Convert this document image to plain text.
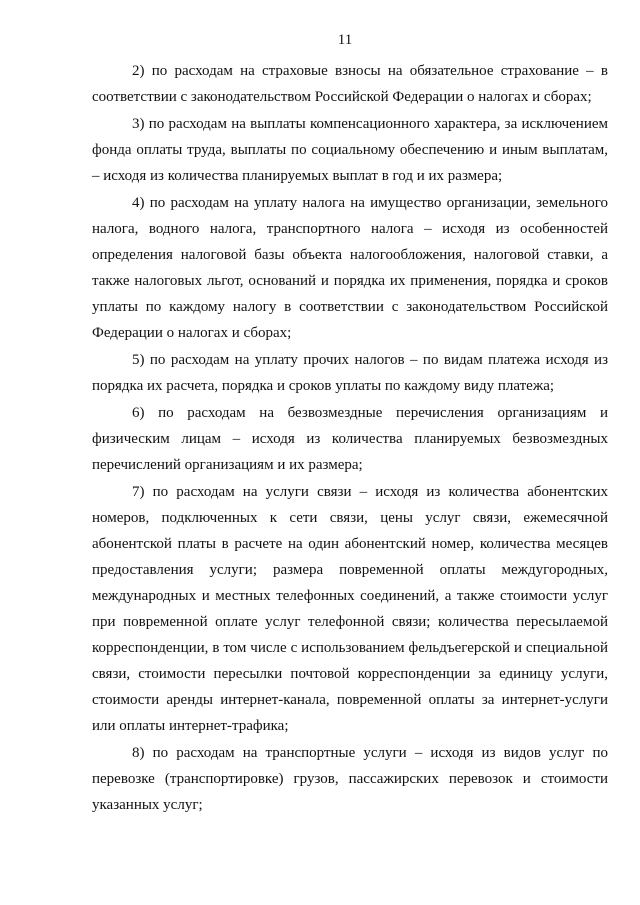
11

2) по расходам на страховые взносы на обязательное страхование – в соответствии с законодательством Российской Федерации о налогах и сборах;

3) по расходам на выплаты компенсационного характера, за исключением фонда оплаты труда, выплаты по социальному обеспечению и иным выплатам, – исходя из количества планируемых выплат в год и их размера;

4) по расходам на уплату налога на имущество организации, земельного налога, водного налога, транспортного налога – исходя из особенностей определения налоговой базы объекта налогообложения, налоговой ставки, а также налоговых льгот, оснований и порядка их применения, порядка и сроков уплаты по каждому налогу в соответствии с законодательством Российской Федерации о налогах и сборах;

5) по расходам на уплату прочих налогов – по видам платежа исходя из порядка их расчета, порядка и сроков уплаты по каждому виду платежа;

6) по расходам на безвозмездные перечисления организациям и физическим лицам – исходя из количества планируемых безвозмездных перечислений организациям и их размера;

7) по расходам на услуги связи – исходя из количества абонентских номеров, подключенных к сети связи, цены услуг связи, ежемесячной абонентской платы в расчете на один абонентский номер, количества месяцев предоставления услуги; размера повременной оплаты междугородных, международных и местных телефонных соединений, а также стоимости услуг при повременной оплате услуг телефонной связи; количества пересылаемой корреспонденции, в том числе с использованием фельдъегерской и специальной связи, стоимости пересылки почтовой корреспонденции за единицу услуги, стоимости аренды интернет-канала, повременной оплаты за интернет-услуги или оплаты интернет-трафика;

8) по расходам на транспортные услуги – исходя из видов услуг по перевозке (транспортировке) грузов, пассажирских перевозок и стоимости указанных услуг;
